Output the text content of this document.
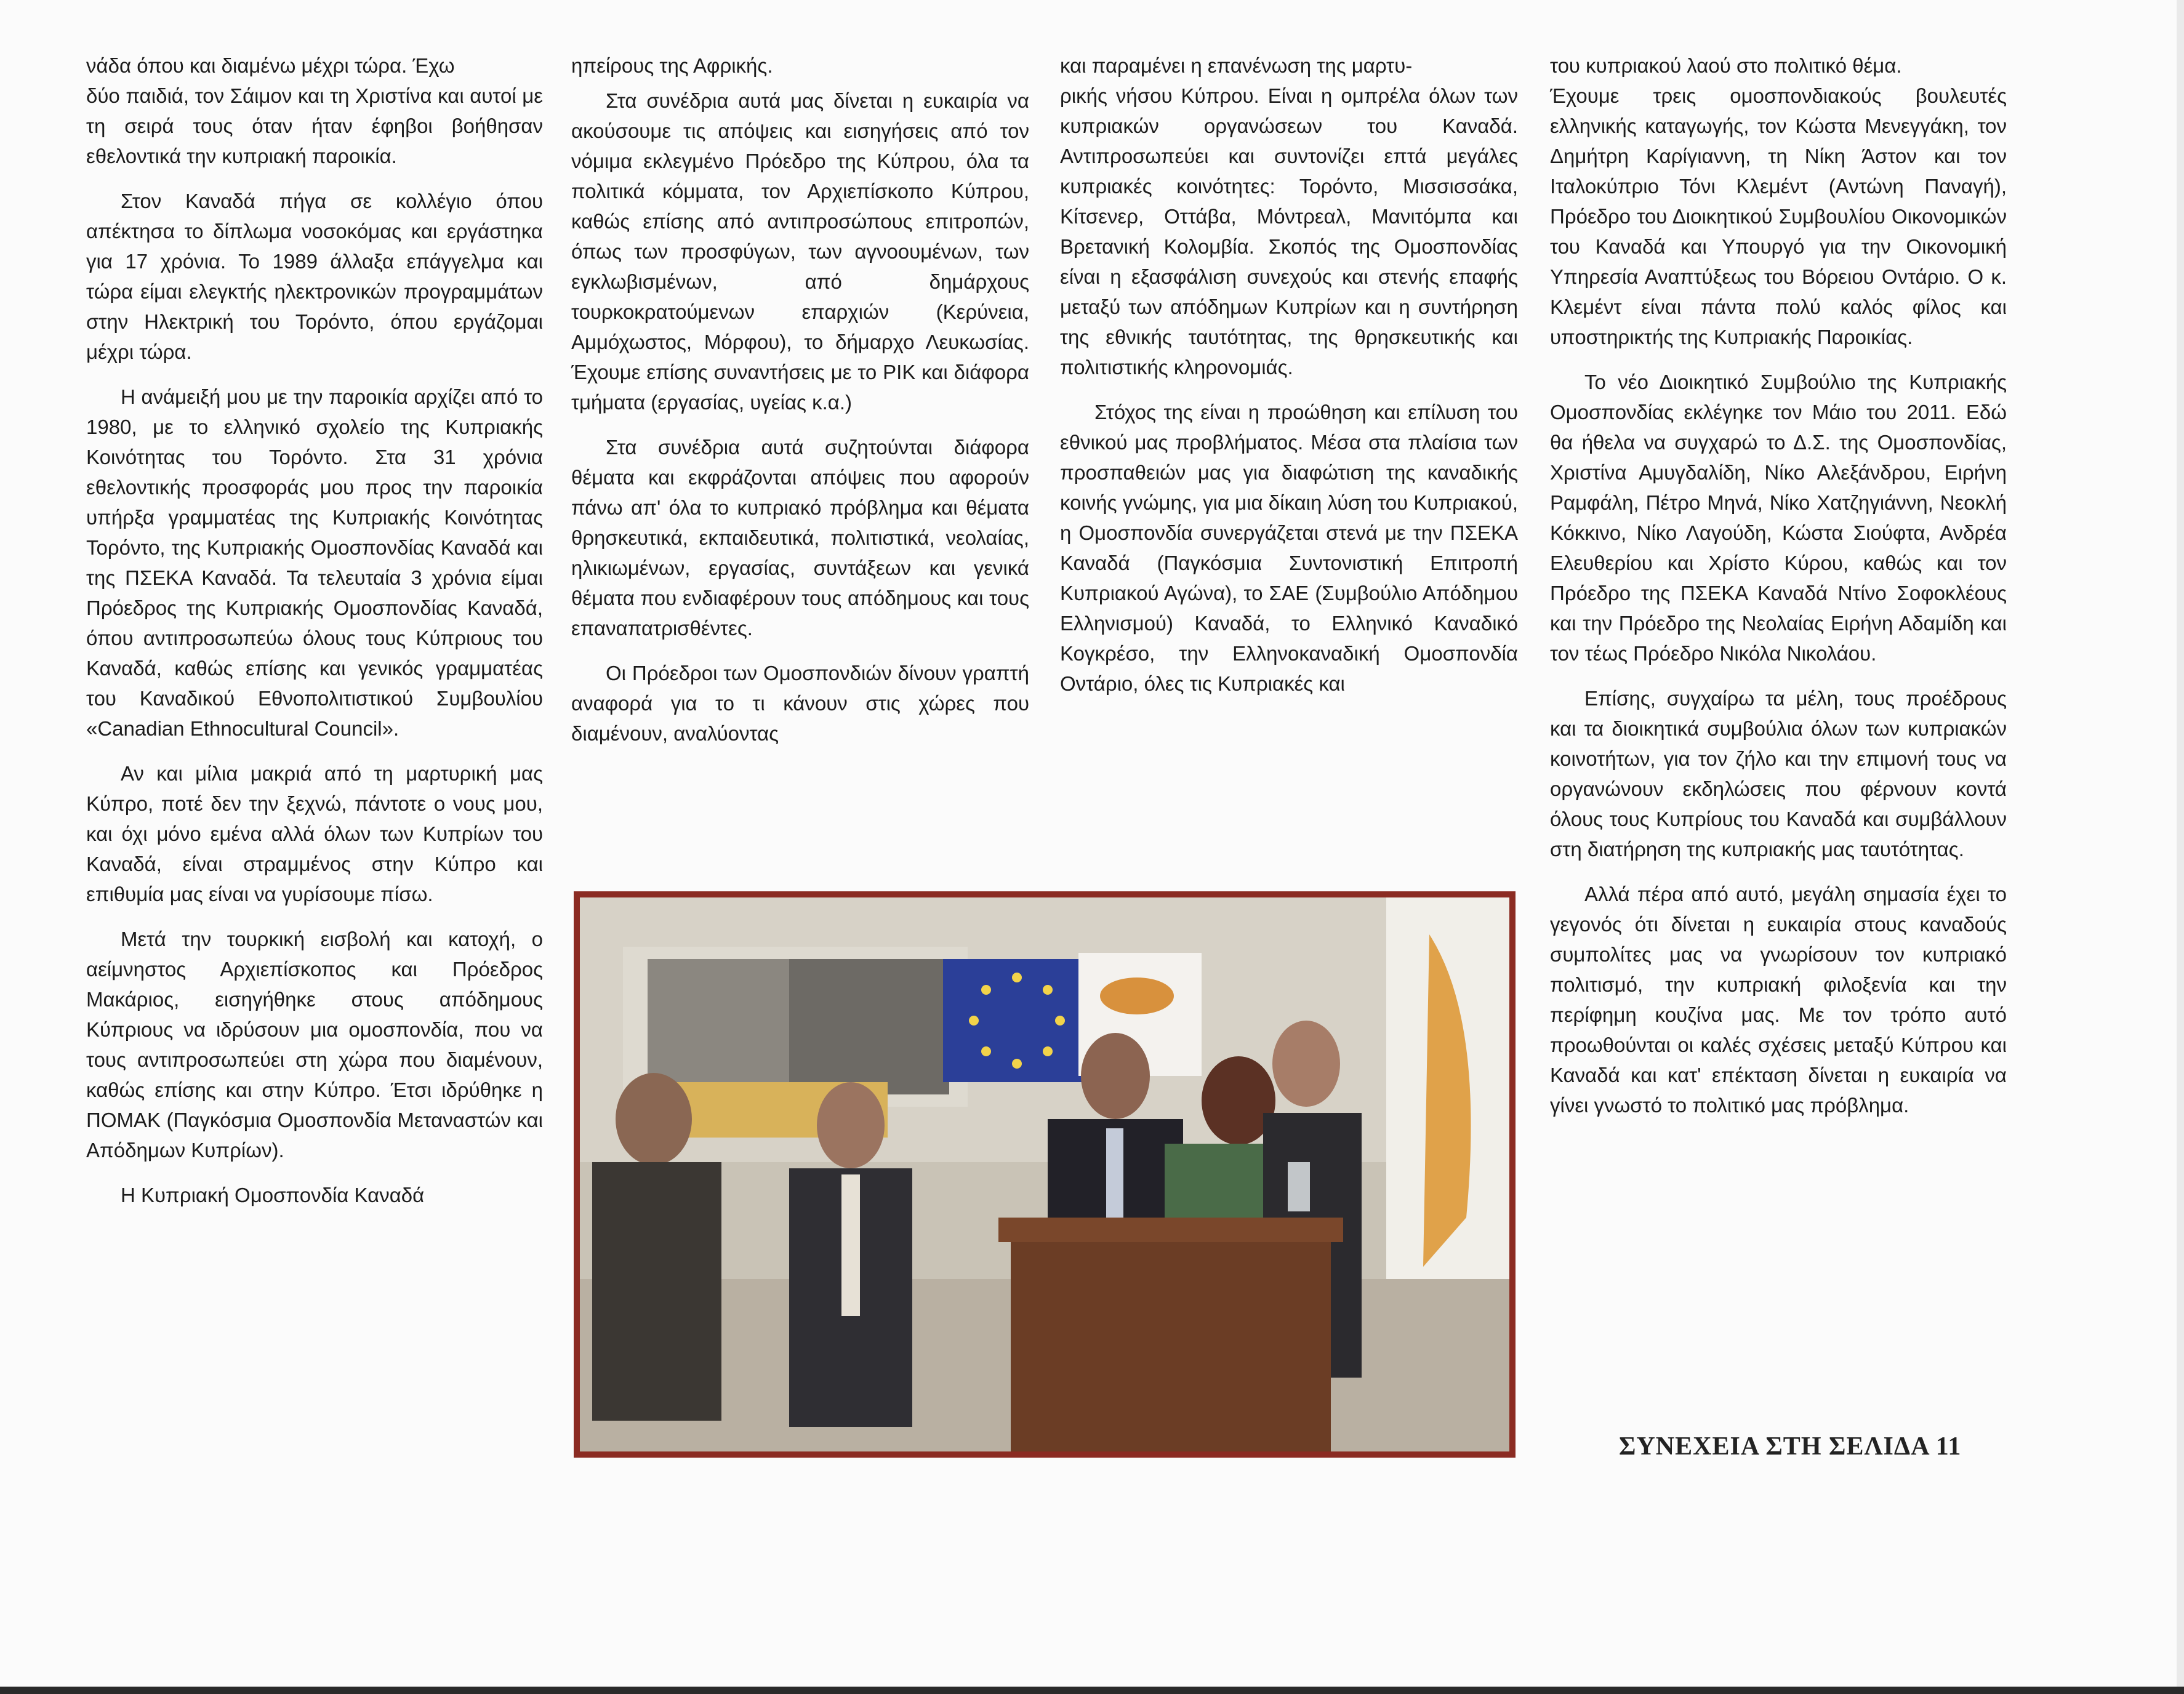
νάδα όπου και διαμένω μέχρι τώρα. Έχω

δύο παιδιά, τον Σάιμον και τη Χριστίνα και αυτοί με τη σειρά τους όταν ήταν έφηβοι βοήθησαν εθελοντικά την κυπριακή παροικία.

Στον Καναδά πήγα σε κολλέγιο όπου απέκτησα το δίπλωμα νοσοκόμας και εργάστηκα για 17 χρόνια. Το 1989 άλλαξα επάγγελμα και τώρα είμαι ελεγκτής ηλεκτρονικών προγραμμάτων στην Ηλεκτρική του Τορόντο, όπου εργάζομαι μέχρι τώρα.

Η ανάμειξή μου με την παροικία αρχίζει από το 1980, με το ελληνικό σχολείο της Κυπριακής Κοινότητας του Τορόντο. Στα 31 χρόνια εθελοντικής προσφοράς μου προς την παροικία υπήρξα γραμματέας της Κυπριακής Κοινότητας Τορόντο, της Κυπριακής Ομοσπονδίας Καναδά και της ΠΣΕΚΑ Καναδά. Τα τελευταία 3 χρόνια είμαι Πρόεδρος της Κυπριακής Ομοσπονδίας Καναδά, όπου αντιπροσωπεύω όλους τους Κύπριους του Καναδά, καθώς επίσης και γενικός γραμματέας του Καναδικού Εθνοπολιτιστικού Συμβουλίου «Canadian Ethnocultural Council».

Αν και μίλια μακριά από τη μαρτυρική μας Κύπρο, ποτέ δεν την ξεχνώ, πάντοτε ο νους μου, και όχι μόνο εμένα αλλά όλων των Κυπρίων του Καναδά, είναι στραμμένος στην Κύπρο και επιθυμία μας είναι να γυρίσουμε πίσω.

Μετά την τουρκική εισβολή και κατοχή, ο αείμνηστος Αρχιεπίσκοπος και Πρόεδρος Μακάριος, εισηγήθηκε στους απόδημους Κύπριους να ιδρύσουν μια ομοσπονδία, που να τους αντιπροσωπεύει στη χώρα που διαμένουν, καθώς επίσης και στην Κύπρο. Έτσι ιδρύθηκε η ΠΟΜΑΚ (Παγκόσμια Ομοσπονδία Μεταναστών και Απόδημων Κυπρίων).

Η Κυπριακή Ομοσπονδία Καναδά

ηπείρους της Αφρικής.

Στα συνέδρια αυτά μας δίνεται η ευκαιρία να ακούσουμε τις απόψεις και εισηγήσεις από τον νόμιμα εκλεγμένο Πρόεδρο της Κύπρου, όλα τα πολιτικά κόμματα, τον Αρχιεπίσκοπο Κύπρου, καθώς επίσης από αντιπροσώπους επιτροπών, όπως των προσφύγων, των αγνοουμένων, των εγκλωβισμένων, από δημάρχους τουρκοκρατούμενων επαρχιών (Κερύνεια, Αμμόχωστος, Μόρφου), το δήμαρχο Λευκωσίας. Έχουμε επίσης συναντήσεις με το ΡΙΚ και διάφορα τμήματα (εργασίας, υγείας κ.α.)

Στα συνέδρια αυτά συζητούνται διάφορα θέματα και εκφράζονται απόψεις που αφορούν πάνω απ' όλα το κυπριακό πρόβλημα και θέματα θρησκευτικά, εκπαιδευτικά, πολιτιστικά, νεολαίας, ηλικιωμένων, εργασίας, συντάξεων και γενικά θέματα που ενδιαφέρουν τους απόδημους και τους επαναπατρισθέντες.

Οι Πρόεδροι των Ομοσπονδιών δίνουν γραπτή αναφορά για το τι κάνουν στις χώρες που διαμένουν, αναλύοντας

και παραμένει η επανένωση της μαρτυ-

ρικής νήσου Κύπρου. Είναι η ομπρέλα όλων των κυπριακών οργανώσεων του Καναδά. Αντιπροσωπεύει και συντονίζει επτά μεγάλες κυπριακές κοινότητες: Τορόντο, Μισσισσάκα, Κίτσενερ, Οττάβα, Μόντρεαλ, Μανιτόμπα και Βρετανική Κολομβία. Σκοπός της Ομοσπονδίας είναι η εξασφάλιση συνεχούς και στενής επαφής μεταξύ των απόδημων Κυπρίων και η συντήρηση της εθνικής ταυτότητας, της θρησκευτικής και πολιτιστικής κληρονομιάς.

Στόχος της είναι η προώθηση και επίλυση του εθνικού μας προβλήματος. Μέσα στα πλαίσια των προσπαθειών μας για διαφώτιση της καναδικής κοινής γνώμης, για μια δίκαιη λύση του Κυπριακού, η Ομοσπονδία συνεργάζεται στενά με την ΠΣΕΚΑ Καναδά (Παγκόσμια Συντονιστική Επιτροπή Κυπριακού Αγώνα), το ΣΑΕ (Συμβούλιο Απόδημου Ελληνισμού) Καναδά, το Ελληνικό Καναδικό Κογκρέσο, την Ελληνοκαναδική Ομοσπονδία Οντάριο, όλες τις Κυπριακές και

του κυπριακού λαού στο πολιτικό θέμα.

Έχουμε τρεις ομοσπονδιακούς βουλευτές ελληνικής καταγωγής, τον Κώστα Μενεγγάκη, τον Δημήτρη Καρίγιαννη, τη Νίκη Άστον και τον Ιταλοκύπριο Τόνι Κλεμέντ (Αντώνη Παναγή), Πρόεδρο του Διοικητικού Συμβουλίου Οικονομικών του Καναδά και Υπουργό για την Οικονομική Υπηρεσία Αναπτύξεως του Βόρειου Οντάριο. Ο κ. Κλεμέντ είναι πάντα πολύ καλός φίλος και υποστηρικτής της Κυπριακής Παροικίας.

Το νέο Διοικητικό Συμβούλιο της Κυπριακής Ομοσπονδίας εκλέγηκε τον Μάιο του 2011. Εδώ θα ήθελα να συγχαρώ το Δ.Σ. της Ομοσπονδίας, Χριστίνα Αμυγδαλίδη, Νίκο Αλεξάνδρου, Ειρήνη Ραμφάλη, Πέτρο Μηνά, Νίκο Χατζηγιάννη, Νεοκλή Κόκκινο, Νίκο Λαγούδη, Κώστα Σιούφτα, Ανδρέα Ελευθερίου και Χρίστο Κύρου, καθώς και τον Πρόεδρο της ΠΣΕΚΑ Καναδά Ντίνο Σοφοκλέους και την Πρόεδρο της Νεολαίας Ειρήνη Αδαμίδη και τον τέως Πρόεδρο Νικόλα Νικολάου.

Επίσης, συγχαίρω τα μέλη, τους προέδρους και τα διοικητικά συμβούλια όλων των κυπριακών κοινοτήτων, για τον ζήλο και την επιμονή τους να οργανώνουν εκδηλώσεις που φέρνουν κοντά όλους τους Κυπρίους του Καναδά και συμβάλλουν στη διατήρηση της κυπριακής μας ταυτότητας.

Αλλά πέρα από αυτό, μεγάλη σημασία έχει το γεγονός ότι δίνεται η ευκαιρία στους καναδούς συμπολίτες μας να γνωρίσουν τον κυπριακό πολιτισμό, την κυπριακή φιλοξενία και την περίφημη κουζίνα μας. Με τον τρόπο αυτό προωθούνται οι καλές σχέσεις μεταξύ Κύπρου και Καναδά και κατ' επέκταση δίνεται η ευκαιρία να γίνει γνωστό το πολιτικό μας πρόβλημα.

ΣΥΝΕΧΕΙΑ ΣΤΗ ΣΕΛΙΔΑ 11
